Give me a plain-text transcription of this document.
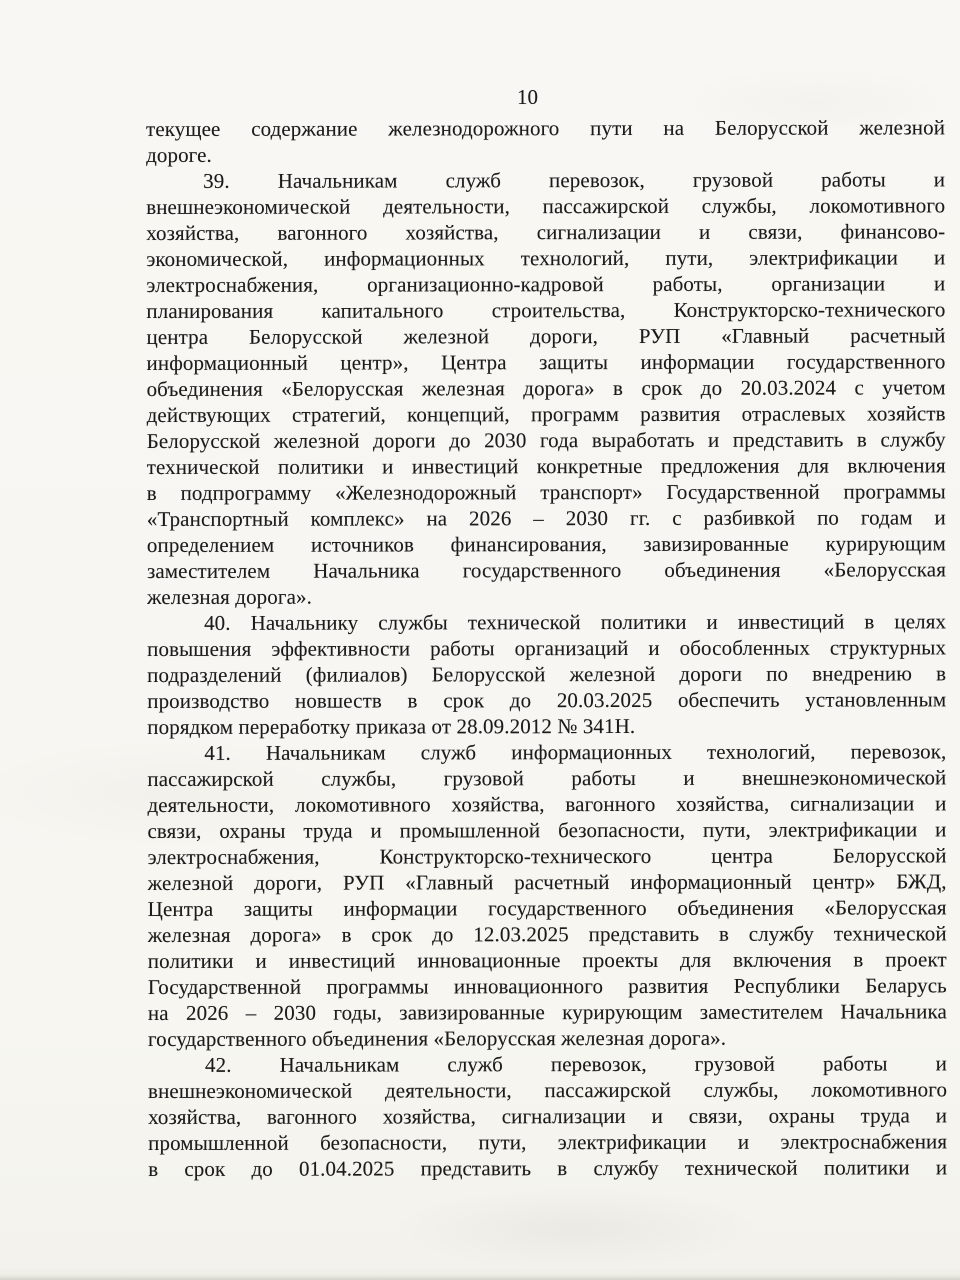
10
текущее содержание железнодорожного пути на Белорусской железной
дороге.
39. Начальникам служб перевозок, грузовой работы и
внешнеэкономической деятельности, пассажирской службы, локомотивного
хозяйства, вагонного хозяйства, сигнализации и связи, финансово-
экономической, информационных технологий, пути, электрификации и
электроснабжения, организационно-кадровой работы, организации и
планирования капитального строительства, Конструкторско-технического
центра Белорусской железной дороги, РУП «Главный расчетный
информационный центр», Центра защиты информации государственного
объединения «Белорусская железная дорога» в срок до 20.03.2024 с учетом
действующих стратегий, концепций, программ развития отраслевых хозяйств
Белорусской железной дороги до 2030 года выработать и представить в службу
технической политики и инвестиций конкретные предложения для включения
в подпрограмму «Железнодорожный транспорт» Государственной программы
«Транспортный комплекс» на 2026 – 2030 гг. с разбивкой по годам и
определением источников финансирования, завизированные курирующим
заместителем Начальника государственного объединения «Белорусская
железная дорога».
40. Начальнику службы технической политики и инвестиций в целях
повышения эффективности работы организаций и обособленных структурных
подразделений (филиалов) Белорусской железной дороги по внедрению в
производство новшеств в срок до 20.03.2025 обеспечить установленным
порядком переработку приказа от 28.09.2012 № 341Н.
41. Начальникам служб информационных технологий, перевозок,
пассажирской службы, грузовой работы и внешнеэкономической
деятельности, локомотивного хозяйства, вагонного хозяйства, сигнализации и
связи, охраны труда и промышленной безопасности, пути, электрификации и
электроснабжения, Конструкторско-технического центра Белорусской
железной дороги, РУП «Главный расчетный информационный центр» БЖД,
Центра защиты информации государственного объединения «Белорусская
железная дорога» в срок до 12.03.2025 представить в службу технической
политики и инвестиций инновационные проекты для включения в проект
Государственной программы инновационного развития Республики Беларусь
на 2026 – 2030 годы, завизированные курирующим заместителем Начальника
государственного объединения «Белорусская железная дорога».
42. Начальникам служб перевозок, грузовой работы и
внешнеэкономической деятельности, пассажирской службы, локомотивного
хозяйства, вагонного хозяйства, сигнализации и связи, охраны труда и
промышленной безопасности, пути, электрификации и электроснабжения
в срок до 01.04.2025 представить в службу технической политики и
